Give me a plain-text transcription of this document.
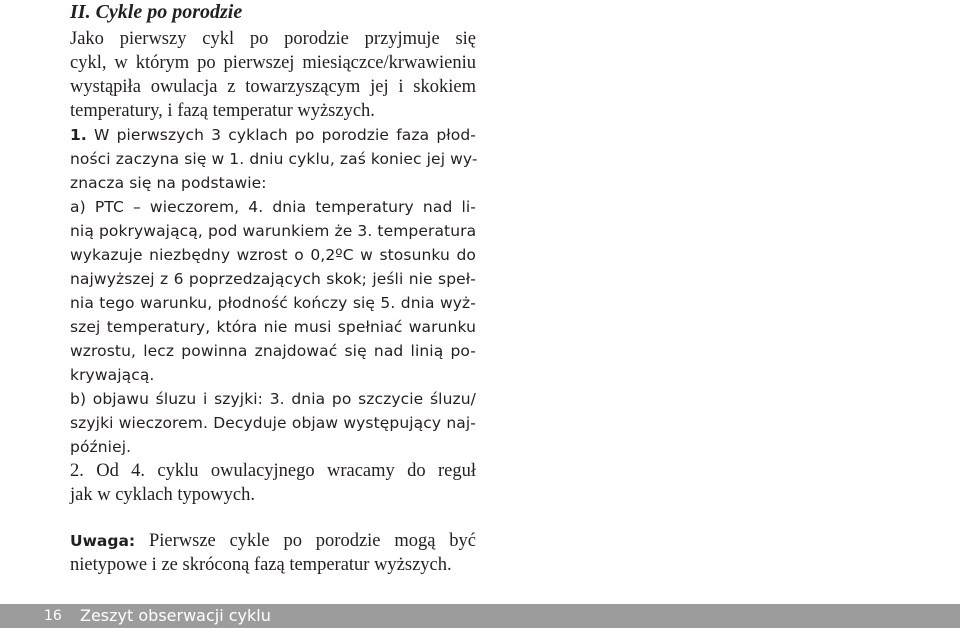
II. Cykle po porodzie
Jako pierwszy cykl po porodzie przyjmuje się
cykl, w którym po pierwszej miesiączce/krwawieniu
wystąpiła owulacja z towarzyszącym jej i skokiem
temperatury, i fazą temperatur wyższych.
1. W pierwszych 3 cyklach po porodzie faza płod-
ności zaczyna się w 1. dniu cyklu, zaś koniec jej wy-
znacza się na podstawie:
a) PTC – wieczorem, 4. dnia temperatury nad li-
nią pokrywającą, pod warunkiem że 3. temperatura
wykazuje niezbędny wzrost o 0,2ºC w stosunku do
najwyższej z 6 poprzedzających skok; jeśli nie speł-
nia tego warunku, płodność kończy się 5. dnia wyż-
szej temperatury, która nie musi spełniać warunku
wzrostu, lecz powinna znajdować się nad linią po-
krywającą.
b) objawu śluzu i szyjki: 3. dnia po szczycie śluzu/
szyjki wieczorem. Decyduje objaw występujący naj-
później.
2. Od 4. cyklu owulacyjnego wracamy do reguł
jak w cyklach typowych.
Uwaga: Pierwsze cykle po porodzie mogą być
nietypowe i ze skróconą fazą temperatur wyższych.
16 Zeszyt obserwacji cyklu
